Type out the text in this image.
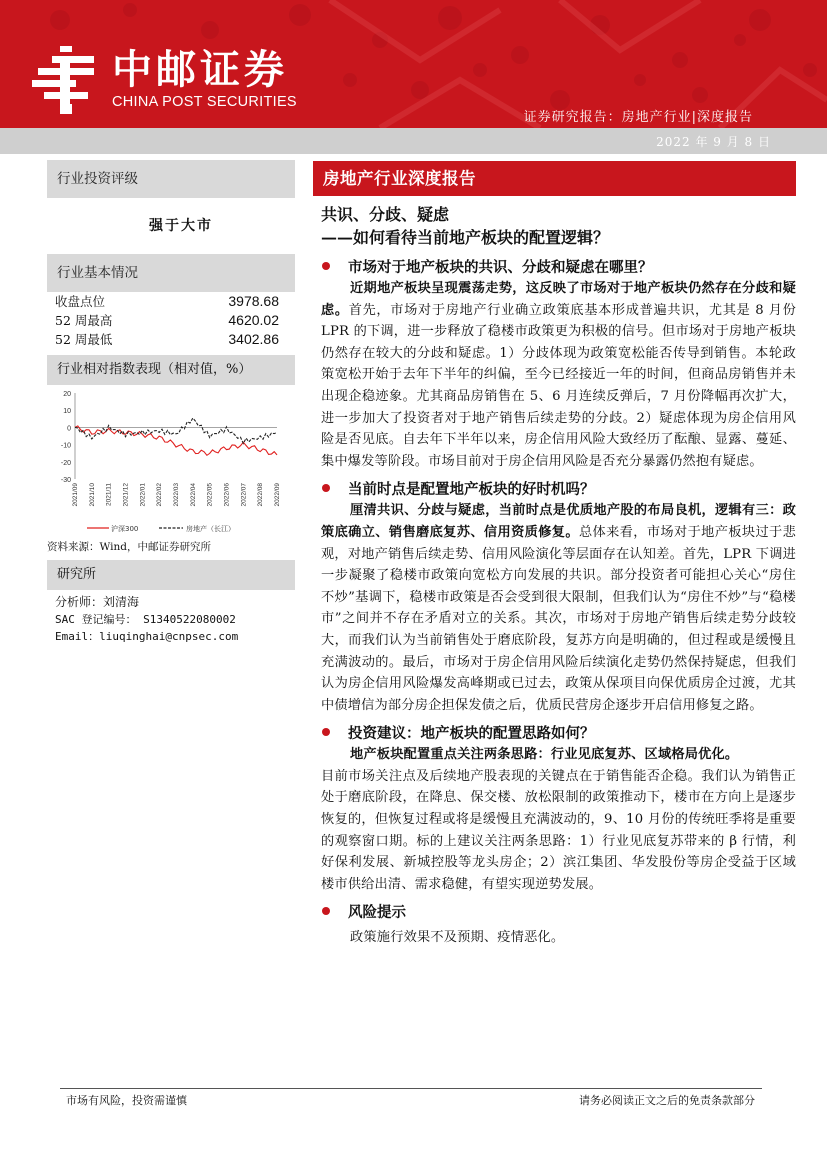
中邮证券
CHINA POST SECURITIES
证券研究报告：房地产行业|深度报告
2022 年 9 月 8 日
行业投资评级
强于大市
行业基本情况
收盘点位	3978.68
52 周最高	4620.02
52 周最低	3402.86
行业相对指数表现（相对值，%）
20
10
0
-10
-20
-30
2021/09 2021/10 2021/11 2021/12 2022/01 2022/02 2022/03 2022/04 2022/05 2022/06 2022/07 2022/08 2022/09
沪深300	房地产（长江）
资料来源：Wind，中邮证券研究所
研究所
分析师：刘清海
SAC 登记编号： S1340522080002
Email：liuqinghai@cnpsec.com
房地产行业深度报告
共识、分歧、疑虑
——如何看待当前地产板块的配置逻辑？
市场对于地产板块的共识、分歧和疑虑在哪里？

近期地产板块呈现震荡走势，这反映了市场对于地产板块仍然存在分歧和疑虑。首先，市场对于房地产行业确立政策底基本形成普遍共识，尤其是 8 月份 LPR 的下调，进一步释放了稳楼市政策更为积极的信号。但市场对于房地产板块仍然存在较大的分歧和疑虑。1）分歧体现为政策宽松能否传导到销售。本轮政策宽松开始于去年下半年的纠偏，至今已经接近一年的时间，但商品房销售并未出现企稳迹象。尤其商品房销售在 5、6 月连续反弹后，7 月份降幅再次扩大，进一步加大了投资者对于地产销售后续走势的分歧。2）疑虑体现为房企信用风险是否见底。自去年下半年以来，房企信用风险大致经历了酝酿、显露、蔓延、集中爆发等阶段。市场目前对于房企信用风险是否充分暴露仍然抱有疑虑。

当前时点是配置地产板块的好时机吗？

厘清共识、分歧与疑虑，当前时点是优质地产股的布局良机，逻辑有三：政策底确立、销售磨底复苏、信用资质修复。总体来看，市场对于地产板块过于悲观，对地产销售后续走势、信用风险演化等层面存在认知差。首先，LPR 下调进一步凝聚了稳楼市政策向宽松方向发展的共识。部分投资者可能担心关心“房住不炒”基调下，稳楼市政策是否会受到很大限制，但我们认为“房住不炒”与“稳楼市”之间并不存在矛盾对立的关系。其次，市场对于房地产销售后续走势分歧较大，而我们认为当前销售处于磨底阶段，复苏方向是明确的，但过程或是缓慢且充满波动的。最后，市场对于房企信用风险后续演化走势仍然保持疑虑，但我们认为房企信用风险爆发高峰期或已过去，政策从保项目向保优质房企过渡，尤其中债增信为部分房企担保发债之后，优质民营房企逐步开启信用修复之路。

投资建议：地产板块的配置思路如何？

地产板块配置重点关注两条思路：行业见底复苏、区域格局优化。

目前市场关注点及后续地产股表现的关键点在于销售能否企稳。我们认为销售正处于磨底阶段，在降息、保交楼、放松限制的政策推动下，楼市在方向上是逐步恢复的，但恢复过程或将是缓慢且充满波动的，9、10 月份的传统旺季将是重要的观察窗口期。标的上建议关注两条思路：1）行业见底复苏带来的 β 行情，利好保利发展、新城控股等龙头房企；2）滨江集团、华发股份等房企受益于区域楼市供给出清、需求稳健，有望实现逆势发展。

风险提示

政策施行效果不及预期、疫情恶化。

市场有风险，投资需谨慎	请务必阅读正文之后的免责条款部分
